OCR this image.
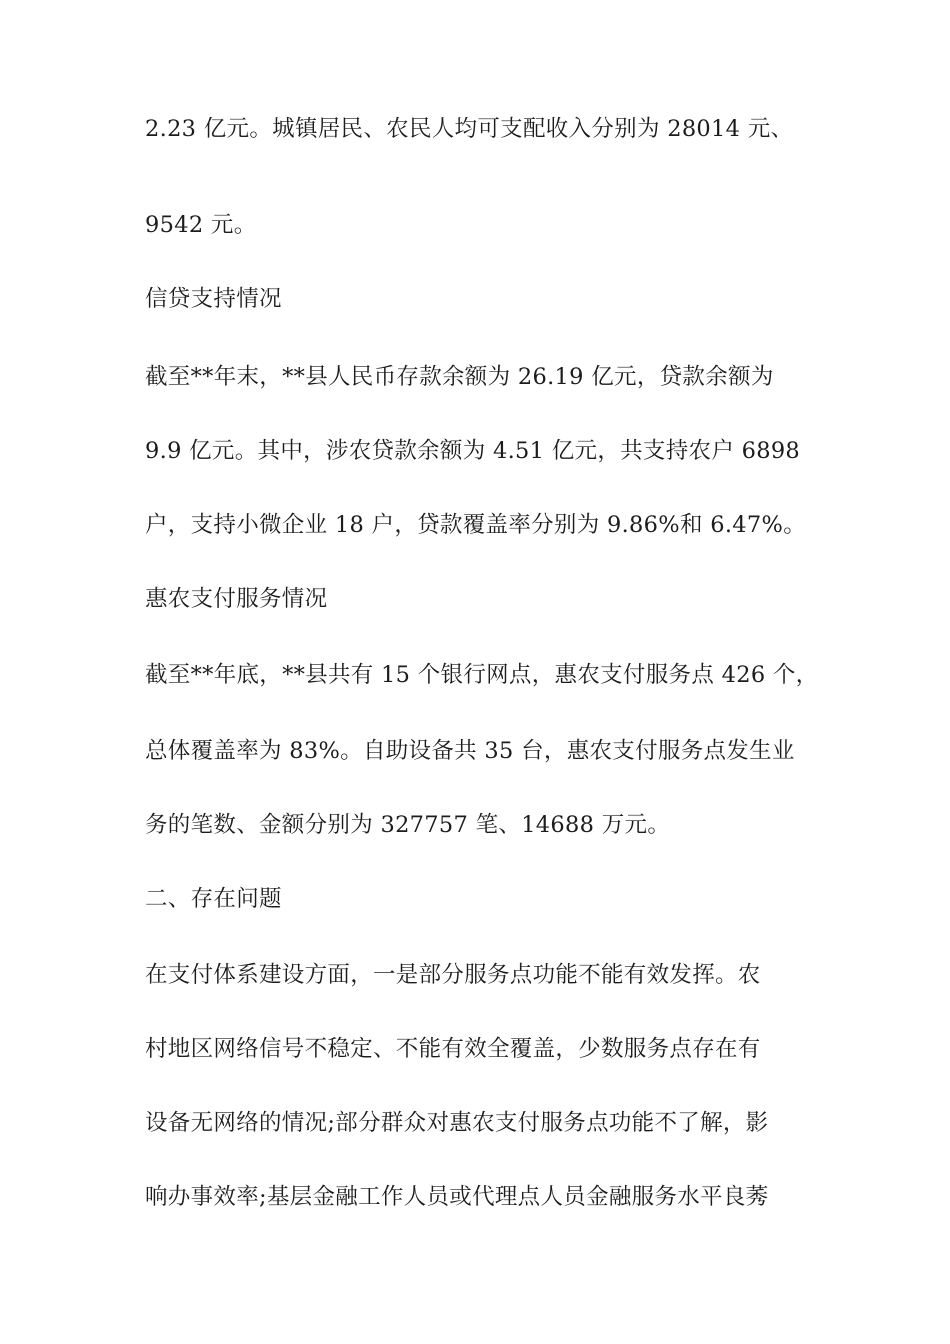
2.23 亿元。城镇居民、农民人均可支配收入分别为 28014 元、

9542 元。

信贷支持情况

截至**年末，**县人民币存款余额为 26.19 亿元，贷款余额为

9.9 亿元。其中，涉农贷款余额为 4.51 亿元，共支持农户 6898

户，支持小微企业 18 户，贷款覆盖率分别为 9.86%和 6.47%。

惠农支付服务情况

截至**年底，**县共有 15 个银行网点，惠农支付服务点 426 个，

总体覆盖率为 83%。自助设备共 35 台，惠农支付服务点发生业

务的笔数、金额分别为 327757 笔、14688 万元。

二、存在问题

在支付体系建设方面，一是部分服务点功能不能有效发挥。农

村地区网络信号不稳定、不能有效全覆盖，少数服务点存在有

设备无网络的情况;部分群众对惠农支付服务点功能不了解，影

响办事效率;基层金融工作人员或代理点人员金融服务水平良莠
